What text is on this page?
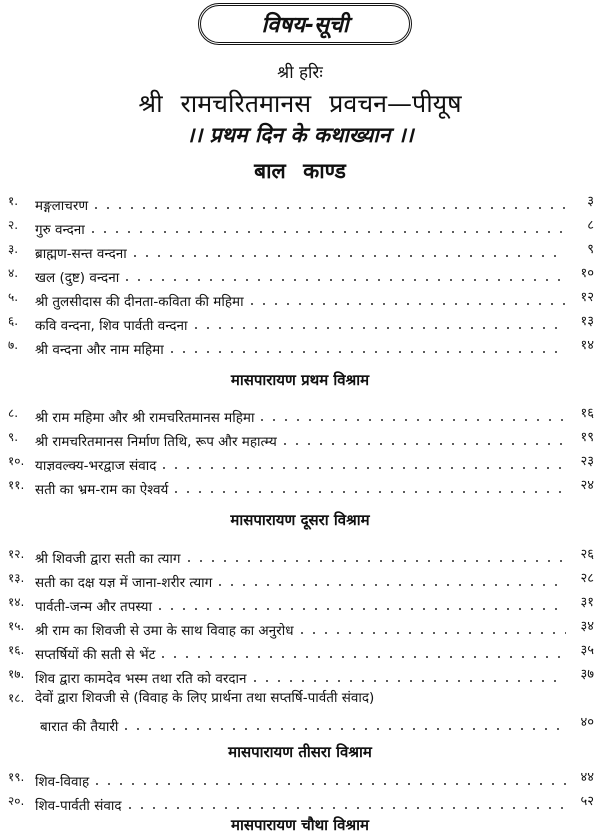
विषय-सूची
श्री हरिः
श्री रामचरितमानस प्रवचन—पीयूष
।। प्रथम दिन के कथाख्यान ।।
बाल काण्ड
१.	मङ्गलाचरण	३
२.	गुरु वन्दना	८
३.	ब्राह्मण-सन्त वन्दना	९
४.	खल (दुष्ट) वन्दना	१०
५.	श्री तुलसीदास की दीनता-कविता की महिमा	१२
६.	कवि वन्दना, शिव पार्वती वन्दना	१३
७.	श्री वन्दना और नाम महिमा	१४
मासपारायण प्रथम विश्राम
८.	श्री राम महिमा और श्री रामचरितमानस महिमा	१६
९.	श्री रामचरितमानस निर्माण तिथि, रूप और महात्म्य	१९
१०. याज्ञवल्क्य-भरद्वाज संवाद	२३
११. सती का भ्रम-राम का ऐश्वर्य	२४
मासपारायण दूसरा विश्राम
१२. श्री शिवजी द्वारा सती का त्याग	२६
१३. सती का दक्ष यज्ञ में जाना-शरीर त्याग	२८
१४. पार्वती-जन्म और तपस्या	३१
१५. श्री राम का शिवजी से उमा के साथ विवाह का अनुरोध	३४
१६. सप्तर्षियों की सती से भेंट	३५
१७. शिव द्वारा कामदेव भस्म तथा रति को वरदान	३७
१८. देवों द्वारा शिवजी से (विवाह के लिए प्रार्थना तथा सप्तर्षि-पार्वती संवाद)
बारात की तैयारी	४०
मासपारायण तीसरा विश्राम
१९. शिव-विवाह	४४
२०. शिव-पार्वती संवाद	५२
मासपारायण चौथा विश्राम
